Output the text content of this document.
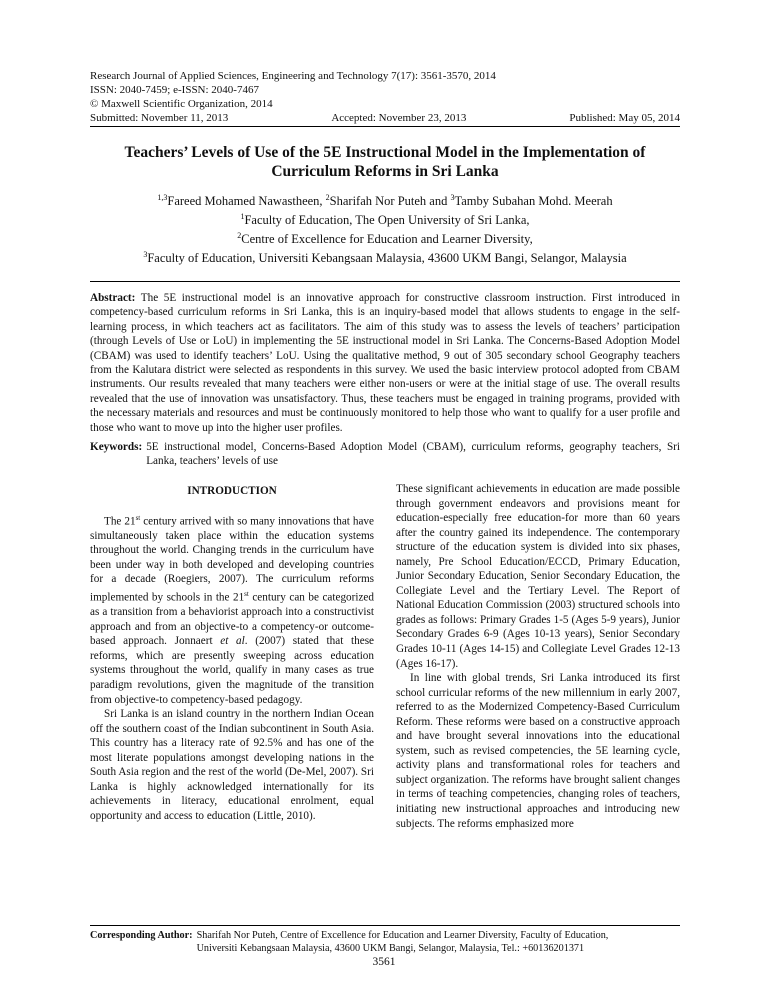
Research Journal of Applied Sciences, Engineering and Technology 7(17): 3561-3570, 2014
ISSN: 2040-7459; e-ISSN: 2040-7467
© Maxwell Scientific Organization, 2014
Submitted: November 11, 2013	Accepted: November 23, 2013	Published: May 05, 2014
Teachers’ Levels of Use of the 5E Instructional Model in the Implementation of
Curriculum Reforms in Sri Lanka
$^{1,3}$Fareed Mohamed Nawastheen, $^2$Sharifah Nor Puteh and $^3$Tamby Subahan Mohd. Meerah
$^1$Faculty of Education, The Open University of Sri Lanka,
$^2$Centre of Excellence for Education and Learner Diversity,
$^3$Faculty of Education, Universiti Kebangsaan Malaysia, 43600 UKM Bangi, Selangor, Malaysia
Abstract: The 5E instructional model is an innovative approach for constructive classroom instruction. First introduced in competency-based curriculum reforms in Sri Lanka, this is an inquiry-based model that allows students to engage in the self-learning process, in which teachers act as facilitators. The aim of this study was to assess the levels of teachers’ participation (through Levels of Use or LoU) in implementing the 5E instructional model in Sri Lanka. The Concerns-Based Adoption Model (CBAM) was used to identify teachers’ LoU. Using the qualitative method, 9 out of 305 secondary school Geography teachers from the Kalutara district were selected as respondents in this survey. We used the basic interview protocol adopted from CBAM instruments. Our results revealed that many teachers were either non-users or were at the initial stage of use. The overall results revealed that the use of innovation was unsatisfactory. Thus, these teachers must be engaged in training programs, provided with the necessary materials and resources and must be continuously monitored to help those who want to qualify for a user profile and those who want to move up into the higher user profiles.
Keywords: 5E instructional model, Concerns-Based Adoption Model (CBAM), curriculum reforms, geography teachers, Sri Lanka, teachers’ levels of use
INTRODUCTION

The 21st century arrived with so many innovations that have simultaneously taken place within the education systems throughout the world. Changing trends in the curriculum have been under way in both developed and developing countries for a decade (Roegiers, 2007). The curriculum reforms implemented by schools in the 21st century can be categorized as a transition from a behaviorist approach into a constructivist approach and from an objective-to a competency-or outcome-based approach. Jonnaert et al. (2007) stated that these reforms, which are presently sweeping across education systems throughout the world, qualify in many cases as true paradigm revolutions, given the magnitude of the transition from objective-to competency-based pedagogy.

Sri Lanka is an island country in the northern Indian Ocean off the southern coast of the Indian subcontinent in South Asia. This country has a literacy rate of 92.5% and has one of the most literate populations amongst developing nations in the South Asia region and the rest of the world (De-Mel, 2007). Sri Lanka is highly acknowledged internationally for its achievements in literacy, educational enrolment, equal opportunity and access to education (Little, 2010).

These significant achievements in education are made possible through government endeavors and provisions meant for education-especially free education-for more than 60 years after the country gained its independence. The contemporary structure of the education system is divided into six phases, namely, Pre School Education/ECCD, Primary Education, Junior Secondary Education, Senior Secondary Education, the Collegiate Level and the Tertiary Level. The Report of National Education Commission (2003) structured schools into grades as follows: Primary Grades 1-5 (Ages 5-9 years), Junior Secondary Grades 6-9 (Ages 10-13 years), Senior Secondary Grades 10-11 (Ages 14-15) and Collegiate Level Grades 12-13 (Ages 16-17).

In line with global trends, Sri Lanka introduced its first school curricular reforms of the new millennium in early 2007, referred to as the Modernized Competency-Based Curriculum Reform. These reforms were based on a constructive approach and have brought several innovations into the educational system, such as revised competencies, the 5E learning cycle, activity plans and transformational roles for teachers and subject organization. The reforms have brought salient changes in terms of teaching competencies, changing roles of teachers, initiating new instructional approaches and introducing new subjects. The reforms emphasized more

Corresponding Author: Sharifah Nor Puteh, Centre of Excellence for Education and Learner Diversity, Faculty of Education,
Universiti Kebangsaan Malaysia, 43600 UKM Bangi, Selangor, Malaysia, Tel.: +60136201371
3561
